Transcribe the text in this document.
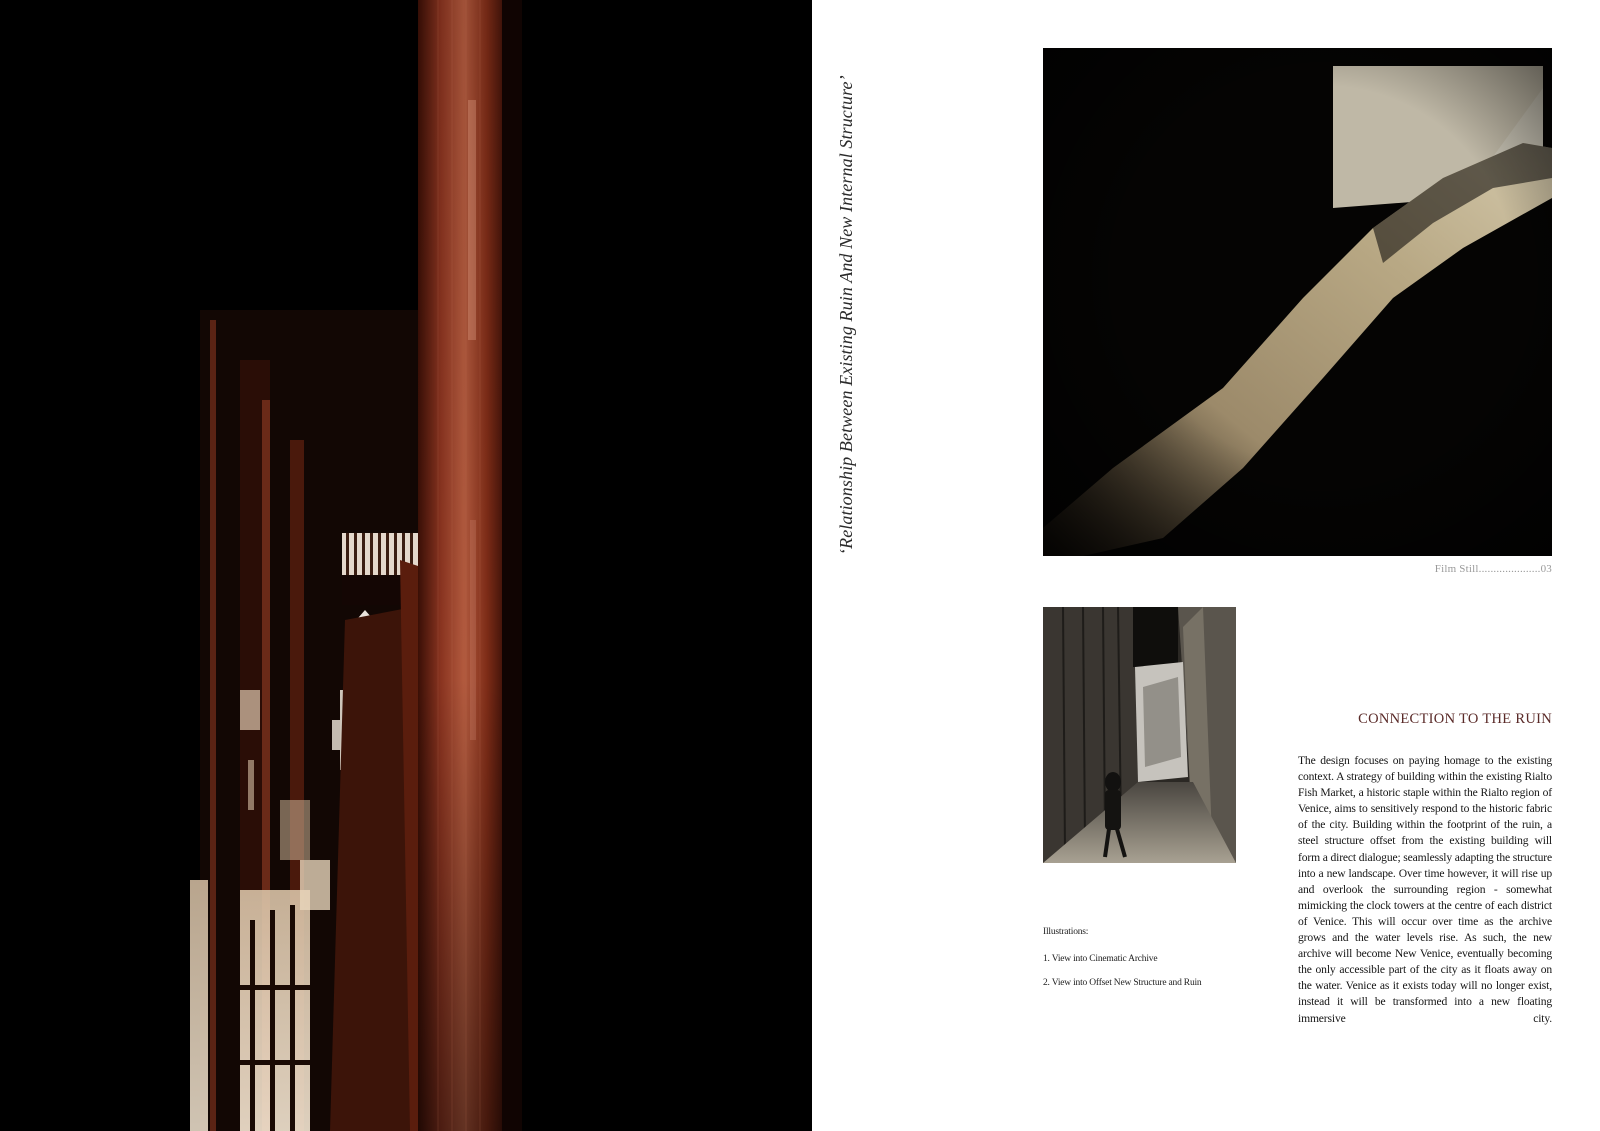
‘Relationship Between Existing Ruin And New Internal Structure’
Film Still.....................03
Illustrations:
1. View into Cinematic Archive
2. View into Offset New Structure and Ruin
CONNECTION TO THE RUIN

The design focuses on paying homage to the existing context. A strategy of building within the existing Rialto Fish Market, a historic staple within the Rialto region of Venice, aims to sensitively respond to the historic fabric of the city. Building within the footprint of the ruin, a steel structure offset from the existing building will form a direct dialogue; seamlessly adapting the structure into a new landscape. Over time however, it will rise up and overlook the surrounding region - somewhat mimicking the clock towers at the centre of each district of Venice. This will occur over time as the archive grows and the water levels rise. As such, the new archive will become New Venice, eventually becoming the only accessible part of the city as it floats away on the water. Venice as it exists today will no longer exist, instead it will be transformed into a new floating immersive city.
